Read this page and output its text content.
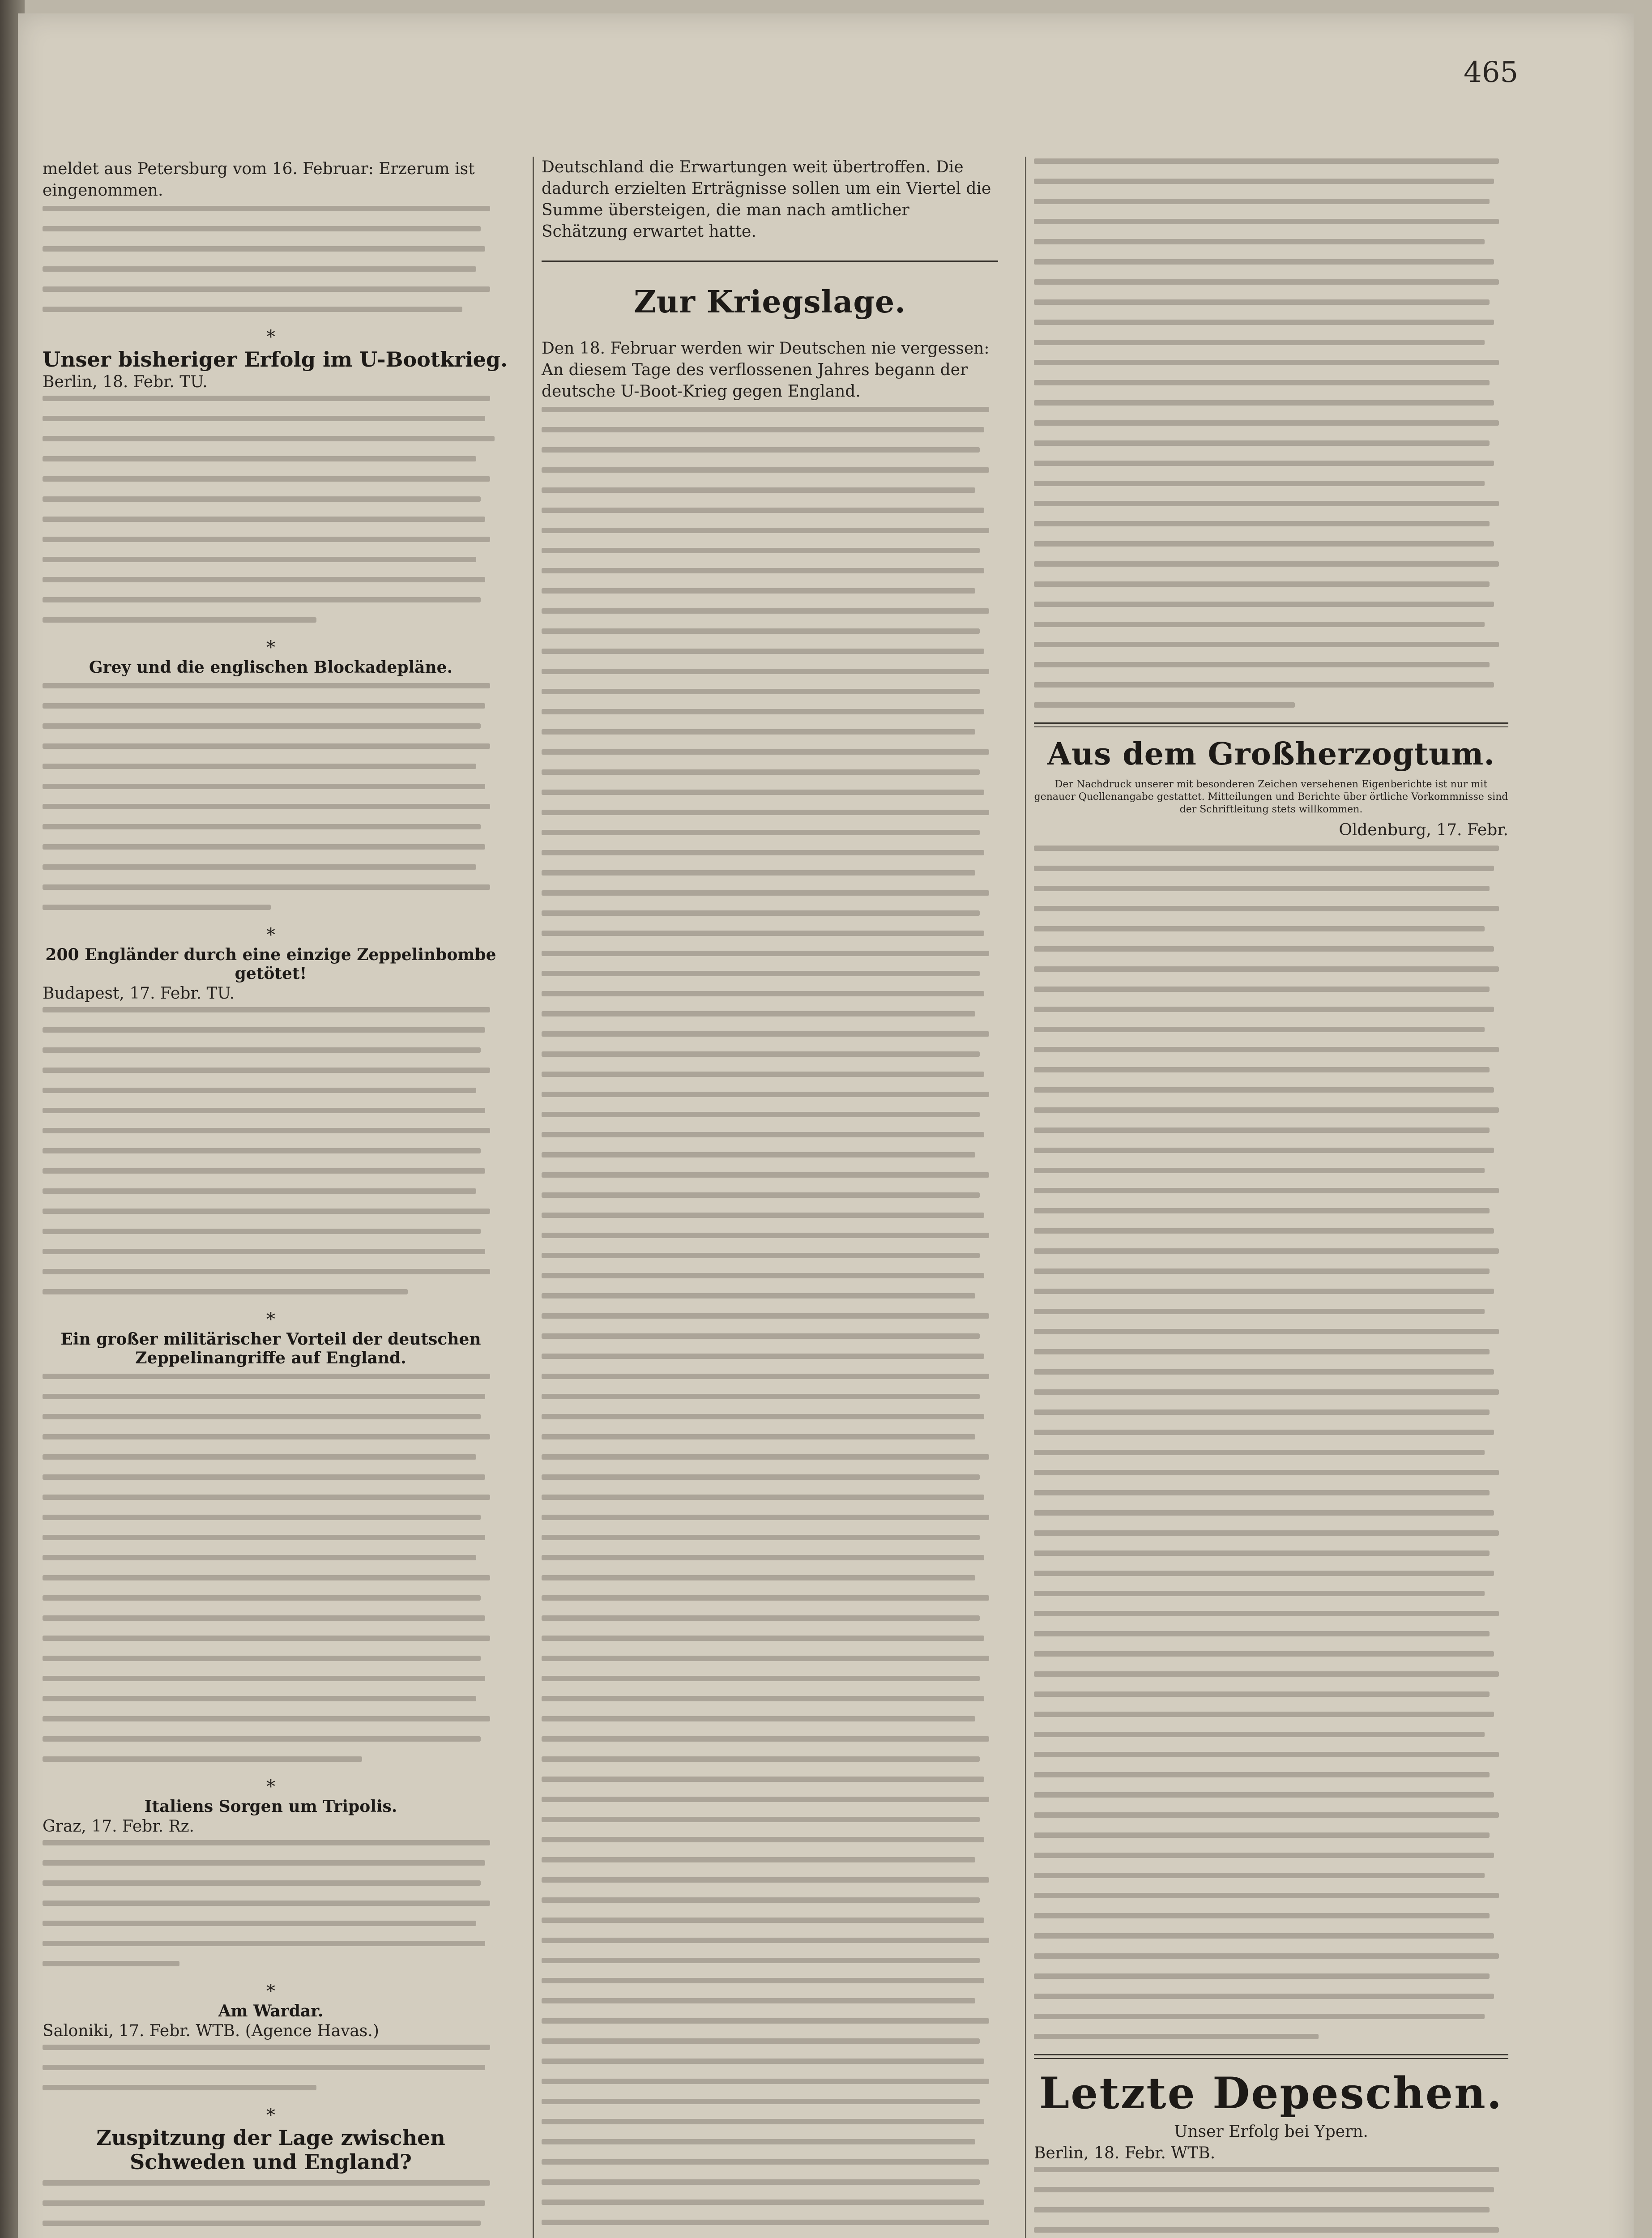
465
meldet aus Petersburg vom 16. Februar: Erzerum ist eingenommen.
*
Unser bisheriger Erfolg im U-Bootkrieg.
Berlin, 18. Febr. TU.
*
Grey und die englischen Blockadepläne.
*
200 Engländer durch eine einzige Zeppelinbombe getötet!
Budapest, 17. Febr. TU.
*
Ein großer militärischer Vorteil der deutschen Zeppelinangriffe auf England.
*
Italiens Sorgen um Tripolis.
Graz, 17. Febr. Rz.
*
Am Wardar.
Saloniki, 17. Febr. WTB. (Agence Havas.)
*
Zuspitzung der Lage zwischen Schweden und England?
Deutschland die Erwartungen weit übertroffen. Die dadurch erzielten Erträgnisse sollen um ein Viertel die Summe übersteigen, die man nach amtlicher Schätzung erwartet hatte.
Zur Kriegslage.
Den 18. Februar werden wir Deutschen nie vergessen: An diesem Tage des verflossenen Jahres begann der deutsche U-Boot-Krieg gegen England.
Aus dem Großherzogtum.
Der Nachdruck unserer mit besonderen Zeichen versehenen Eigenberichte ist nur mit genauer Quellenangabe gestattet. Mitteilungen und Berichte über örtliche Vorkommnisse sind der Schriftleitung stets willkommen.
Oldenburg, 17. Febr.
Letzte Depeschen.
Unser Erfolg bei Ypern.
Berlin, 18. Febr. WTB.
